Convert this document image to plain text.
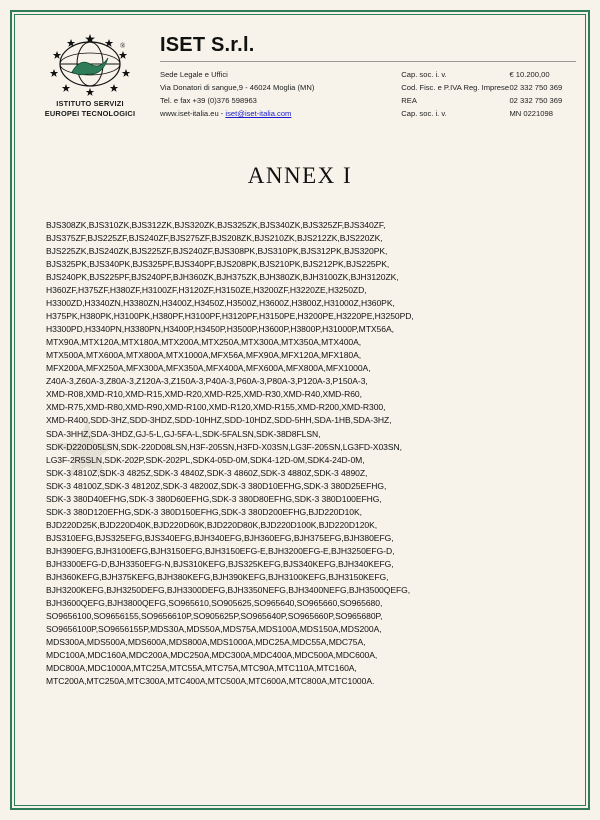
®
ISTITUTO SERVIZI
EUROPEI TECNOLOGICI
ISET S.r.l.
Sede Legale e Uffici	Cap. soc. i. v.	€ 10.200,00
Via Donatori di sangue,9 - 46024 Moglia (MN)	Cod. Fisc. e P.IVA Reg. Imprese	02 332 750 369
Tel. e fax +39 (0)376 598963	REA	02 332 750 369
www.iset-italia.eu - iset@iset-italia.com	Cap. soc. i. v.	MN 0221098
ANNEX I
BJS308ZK,BJS310ZK,BJS312ZK,BJS320ZK,BJS325ZK,BJS340ZK,BJS325ZF,BJS340ZF,
BJS375ZF,BJS225ZF,BJS240ZF,BJS275ZF,BJS208ZK,BJS210ZK,BJS212ZK,BJS220ZK,
BJS225ZK,BJS240ZK,BJS225ZF,BJS240ZF,BJS308PK,BJS310PK,BJS312PK,BJS320PK,
BJS325PK,BJS340PK,BJS325PF,BJS340PF,BJS208PK,BJS210PK,BJS212PK,BJS225PK,
BJS240PK,BJS225PF,BJS240PF,BJH360ZK,BJH375ZK,BJH380ZK,BJH3100ZK,BJH3120ZK,
H360ZF,H375ZF,H380ZF,H3100ZF,H3120ZF,H3150ZE,H3200ZF,H3220ZE,H3250ZD,
H3300ZD,H3340ZN,H3380ZN,H3400Z,H3450Z,H3500Z,H3600Z,H3800Z,H31000Z,H360PK,
H375PK,H380PK,H3100PK,H380PF,H3100PF,H3120PF,H3150PE,H3200PE,H3220PE,H3250PD,
H3300PD,H3340PN,H3380PN,H3400P,H3450P,H3500P,H3600P,H3800P,H31000P,MTX56A,
MTX90A,MTX120A,MTX180A,MTX200A,MTX250A,MTX300A,MTX350A,MTX400A,
MTX500A,MTX600A,MTX800A,MTX1000A,MFX56A,MFX90A,MFX120A,MFX180A,
MFX200A,MFX250A,MFX300A,MFX350A,MFX400A,MFX600A,MFX800A,MFX1000A,
Z40A-3,Z60A-3,Z80A-3,Z120A-3,Z150A-3,P40A-3,P60A-3,P80A-3,P120A-3,P150A-3,
XMD-R08,XMD-R10,XMD-R15,XMD-R20,XMD-R25,XMD-R30,XMD-R40,XMD-R60,
XMD-R75,XMD-R80,XMD-R90,XMD-R100,XMD-R120,XMD-R155,XMD-R200,XMD-R300,
XMD-R400,SDD-3HZ,SDD-3HDZ,SDD-10HHZ,SDD-10HDZ,SDD-5HH,SDA-1HB,SDA-3HZ,
SDA-3HHZ,SDA-3HDZ,GJ-5-L,GJ-5FA-L,SDK-5FALSN,SDK-38D8FLSN,
SDK-D220D05LSN,SDK-220D08LSN,H3F-205SN,H3FD-X03SN,LG3F-205SN,LG3FD-X03SN,
LG3F-2R5SLN,SDK-202P,SDK-202PL,SDK4-05D-0M,SDK4-12D-0M,SDK4-24D-0M,
SDK-3 4810Z,SDK-3 4825Z,SDK-3 4840Z,SDK-3 4860Z,SDK-3 4880Z,SDK-3 4890Z,
SDK-3 48100Z,SDK-3 48120Z,SDK-3 48200Z,SDK-3 380D10EFHG,SDK-3 380D25EFHG,
SDK-3 380D40EFHG,SDK-3 380D60EFHG,SDK-3 380D80EFHG,SDK-3 380D100EFHG,
SDK-3 380D120EFHG,SDK-3 380D150EFHG,SDK-3 380D200EFHG,BJD220D10K,
BJD220D25K,BJD220D40K,BJD220D60K,BJD220D80K,BJD220D100K,BJD220D120K,
BJS310EFG,BJS325EFG,BJS340EFG,BJH340EFG,BJH360EFG,BJH375EFG,BJH380EFG,
BJH390EFG,BJH3100EFG,BJH3150EFG,BJH3150EFG-E,BJH3200EFG-E,BJH3250EFG-D,
BJH3300EFG-D,BJH3350EFG-N,BJS310KEFG,BJS325KEFG,BJS340KEFG,BJH340KEFG,
BJH360KEFG,BJH375KEFG,BJH380KEFG,BJH390KEFG,BJH3100KEFG,BJH3150KEFG,
BJH3200KEFG,BJH3250DEFG,BJH3300DEFG,BJH3350NEFG,BJH3400NEFG,BJH3500QEFG,
BJH3600QEFG,BJH3800QEFG,SO965610,SO905625,SO965640,SO965660,SO965680,
SO9656100,SO9656155,SO9656610P,SO905625P,SO965640P,SO965660P,SO965680P,
SO9656100P,SO9656155P,MDS30A,MDS50A,MDS75A,MDS100A,MDS150A,MDS200A,
MDS300A,MDS500A,MDS600A,MDS800A,MDS1000A,MDC25A,MDC55A,MDC75A,
MDC100A,MDC160A,MDC200A,MDC250A,MDC300A,MDC400A,MDC500A,MDC600A,
MDC800A,MDC1000A,MTC25A,MTC55A,MTC75A,MTC90A,MTC110A,MTC160A,
MTC200A,MTC250A,MTC300A,MTC400A,MTC500A,MTC600A,MTC800A,MTC1000A.
